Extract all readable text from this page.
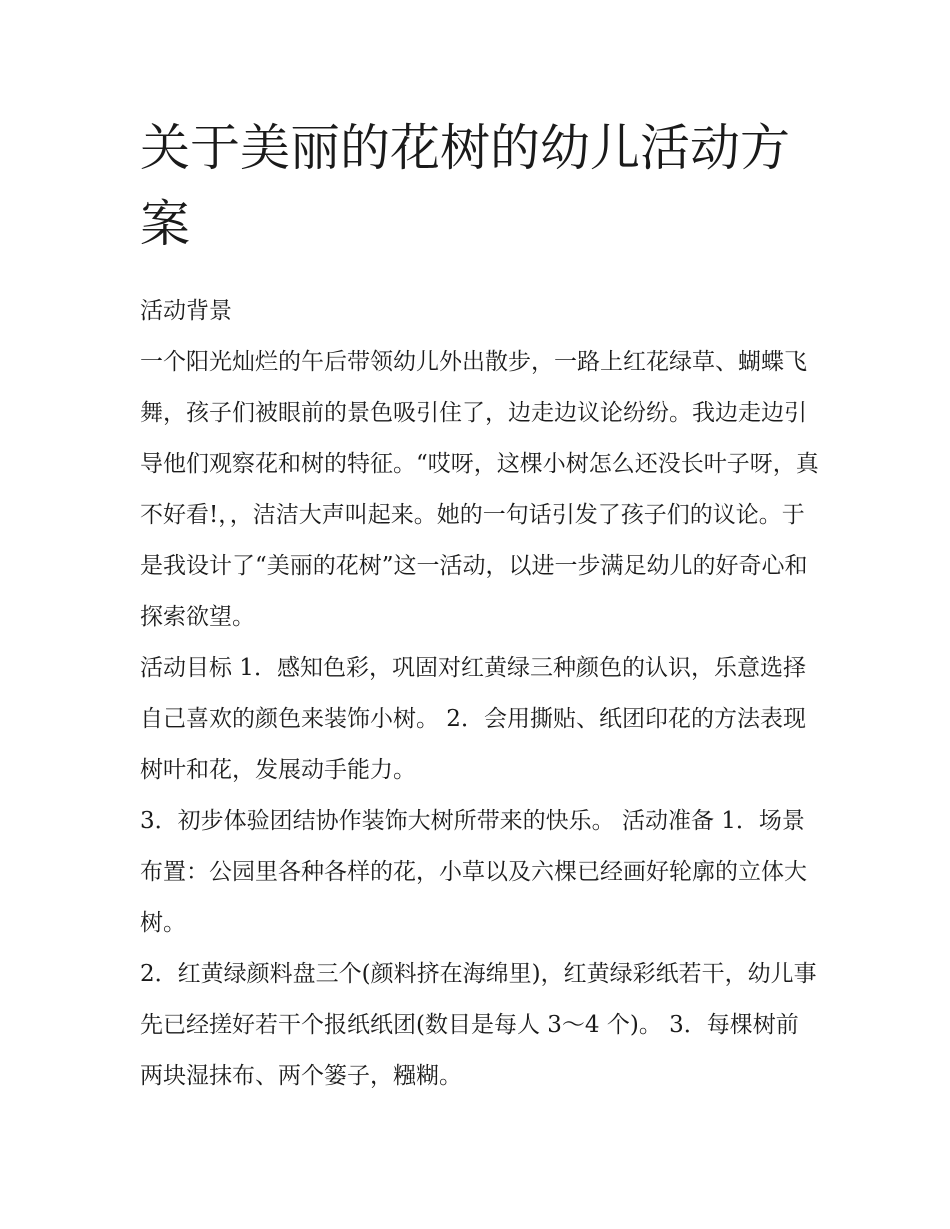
关于美丽的花树的幼儿活动方案

活动背景

一个阳光灿烂的午后带领幼儿外出散步，一路上红花绿草、蝴蝶飞舞，孩子们被眼前的景色吸引住了，边走边议论纷纷。我边走边引导他们观察花和树的特征。“哎呀，这棵小树怎么还没长叶子呀，真不好看!，，洁洁大声叫起来。她的一句话引发了孩子们的议论。于是我设计了“美丽的花树”这一活动，以进一步满足幼儿的好奇心和探索欲望。

活动目标 1．感知色彩，巩固对红黄绿三种颜色的认识，乐意选择自己喜欢的颜色来装饰小树。 2．会用撕贴、纸团印花的方法表现树叶和花，发展动手能力。

3．初步体验团结协作装饰大树所带来的快乐。 活动准备 1．场景布置：公园里各种各样的花，小草以及六棵已经画好轮廓的立体大树。

2．红黄绿颜料盘三个(颜料挤在海绵里)，红黄绿彩纸若干，幼儿事先已经搓好若干个报纸纸团(数目是每人 3～4 个)。 3．每棵树前两块湿抹布、两个篓子，糨糊。
